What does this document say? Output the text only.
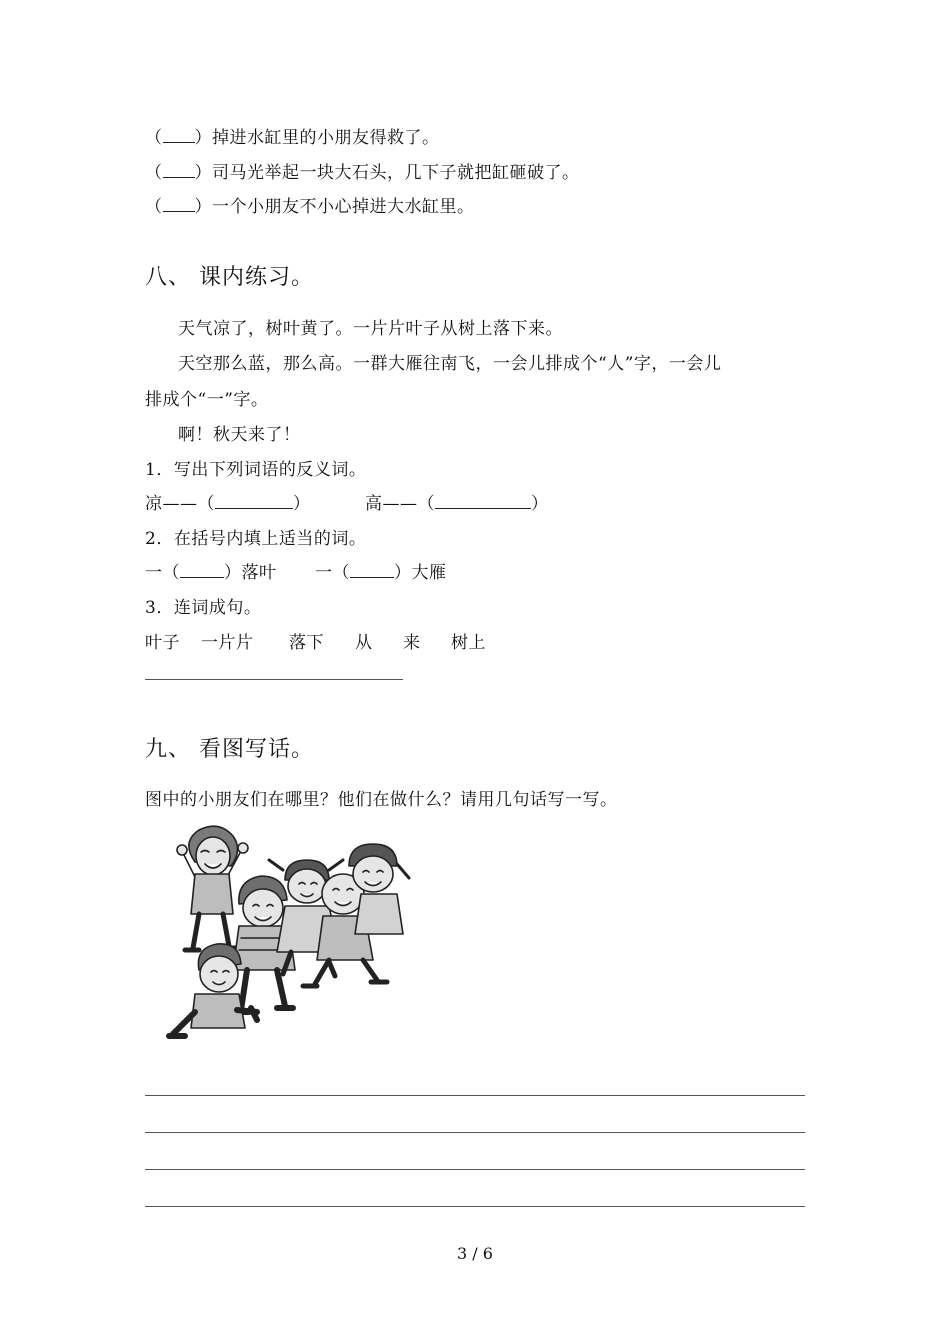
（ ）掉进水缸里的小朋友得救了。
（ ）司马光举起一块大石头，几下子就把缸砸破了。
（ ）一个小朋友不小心掉进大水缸里。
八、 课内练习。
天气凉了，树叶黄了。一片片叶子从树上落下来。
天空那么蓝，那么高。一群大雁往南飞，一会儿排成个“人”字，一会儿
排成个“一”字。
啊！秋天来了！
1．写出下列词语的反义词。
凉——（	）	高——（	）
2．在括号内填上适当的词。
一（	）落叶 一（	）大雁
3．连词成句。
叶子 一片片 落下 从 来 树上
九、 看图写话。
图中的小朋友们在哪里？他们在做什么？请用几句话写一写。
3 / 6
